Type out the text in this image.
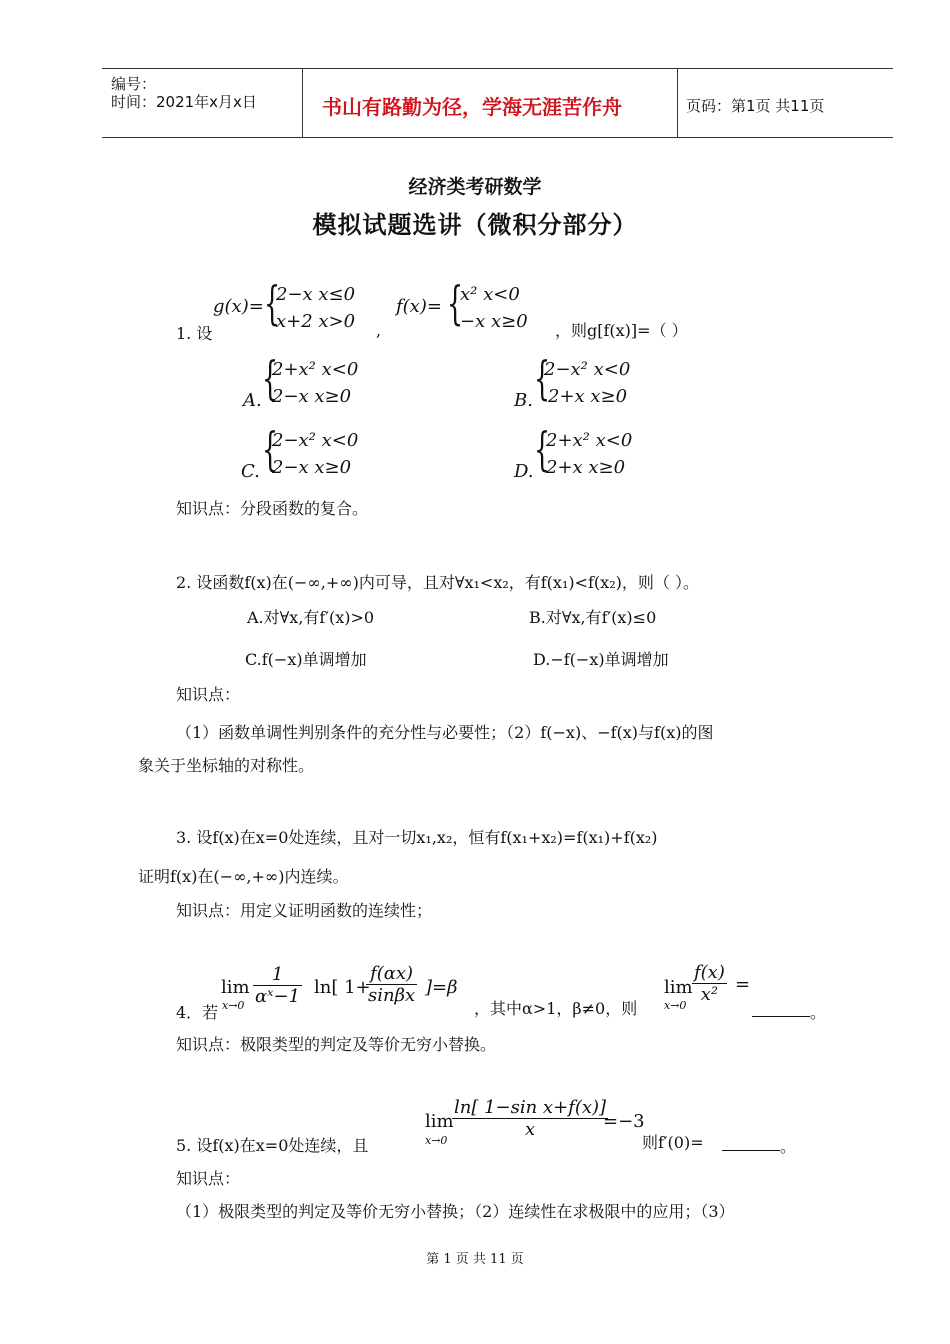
编号：
时间：2021年x月x日	书山有路勤为径，学海无涯苦作舟	页码：第1页 共11页
经济类考研数学
模拟试题选讲（微积分部分）
1. 设
g(x)= {
2−x x≤0
x+2 x>0 ,
f(x)= {
x² x<0
−x x≥0 ，则g[f(x)]=（ ）
A. {
2+x² x<0
2−x x≥0	B. {
2−x² x<0
2+x x≥0
C. {
2−x² x<0
2−x x≥0	D. {
2+x² x<0
2+x x≥0
知识点：分段函数的复合。
2. 设函数f(x)在(−∞,+∞)内可导，且对∀x₁<x₂，有f(x₁)<f(x₂)，则（ ）。
A.对∀x,有f′(x)>0	B.对∀x,有f′(x)≤0
C.f(−x)单调增加	D.−f(−x)单调增加
知识点：
（1）函数单调性判别条件的充分性与必要性；（2）f(−x)、−f(x)与f(x)的图
象关于坐标轴的对称性。
3. 设f(x)在x=0处连续，且对一切x₁,x₂，恒有f(x₁+x₂)=f(x₁)+f(x₂)
证明f(x)在(−∞,+∞)内连续。
知识点：用定义证明函数的连续性；
4．若
lim
$x\to 0 \frac{1}{\text{αˣ−1}} \ln$[ 1+
$\frac{f(\alpha x)}{\sin\beta x} ]=\beta$
，其中α>1，β≠0，则
lim
x→0
$\frac{f(x)}{\text{x²}}$ =
。
知识点：极限类型的判定及等价无穷小替换。
5. 设f(x)在x=0处连续，且
lim
x→0
$\frac{\text{ln[ 1−sin x+f(x)]}}{x}$
=−3
则f′(0)=	。
知识点：
（1）极限类型的判定及等价无穷小替换；（2）连续性在求极限中的应用；（3）
第 1 页 共 11 页
